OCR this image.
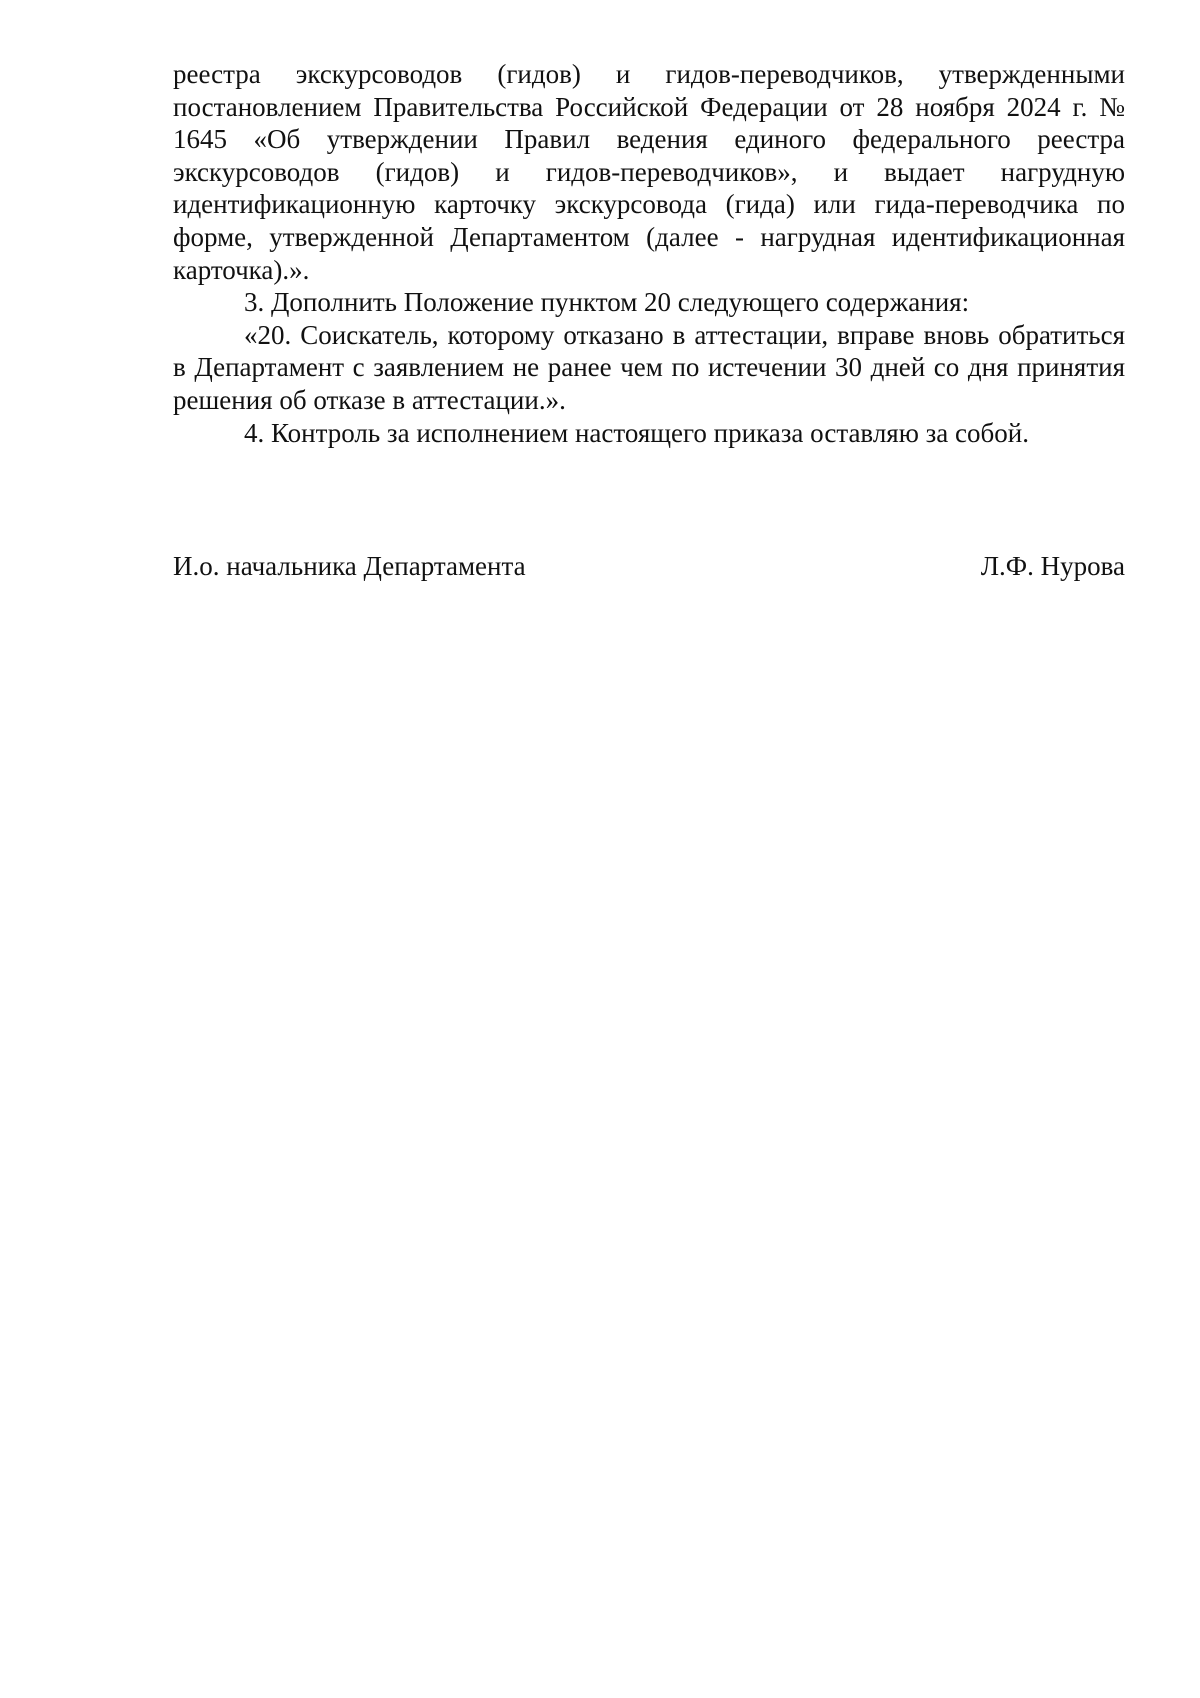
реестра экскурсоводов (гидов) и гидов-переводчиков, утвержденными постановлением Правительства Российской Федерации от 28 ноября 2024 г. № 1645 «Об утверждении Правил ведения единого федерального реестра экскурсоводов (гидов) и гидов-переводчиков», и выдает нагрудную идентификационную карточку экскурсовода (гида) или гида-переводчика по форме, утвержденной Департаментом (далее - нагрудная идентификационная карточка).».

3. Дополнить Положение пунктом 20 следующего содержания:

«20. Соискатель, которому отказано в аттестации, вправе вновь обратиться в Департамент с заявлением не ранее чем по истечении 30 дней со дня принятия решения об отказе в аттестации.».

4. Контроль за исполнением настоящего приказа оставляю за собой.

И.о. начальника Департамента	Л.Ф. Нурова
